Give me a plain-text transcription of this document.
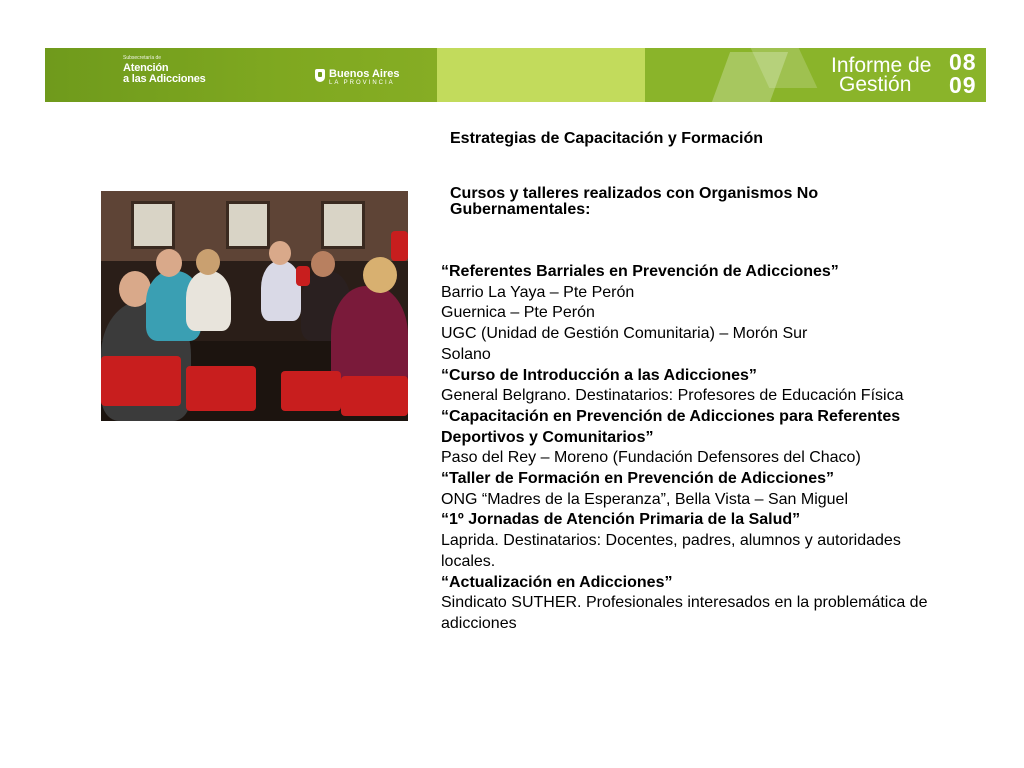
Subsecretaría de
Atención
a las Adicciones	Buenos Aires
LA PROVINCIA
Informe de
Gestión
08
09
Estrategias de Capacitación y Formación
Cursos y talleres realizados con Organismos No Gubernamentales:

“Referentes Barriales en Prevención de Adicciones”

Barrio La Yaya – Pte Perón

Guernica – Pte Perón

UGC (Unidad de Gestión Comunitaria) – Morón Sur

Solano

“Curso de Introducción a las Adicciones”

General Belgrano. Destinatarios: Profesores de Educación Física

“Capacitación en Prevención de Adicciones para Referentes

Deportivos y Comunitarios”

Paso del Rey – Moreno (Fundación Defensores del Chaco)

“Taller de Formación en Prevención de Adicciones”

ONG “Madres de la Esperanza”, Bella Vista – San Miguel

“1º Jornadas de Atención Primaria de la Salud”

Laprida. Destinatarios: Docentes, padres, alumnos y autoridades

locales.

“Actualización en Adicciones”

Sindicato SUTHER. Profesionales interesados en la problemática de

adicciones
